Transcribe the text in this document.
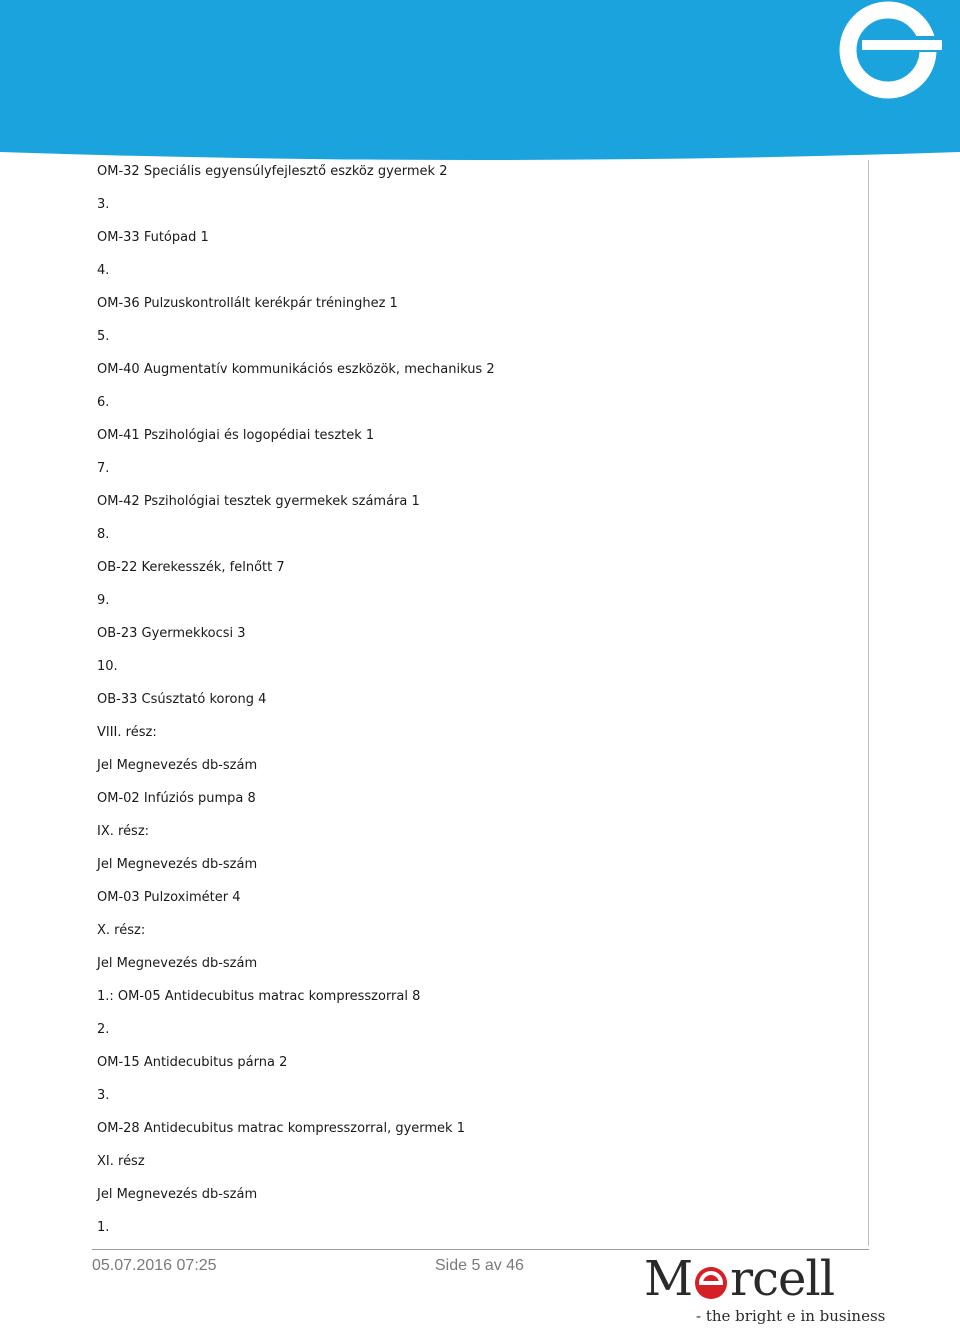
OM-32 Speciális egyensúlyfejlesztő eszköz gyermek 2
3.
OM-33 Futópad 1
4.
OM-36 Pulzuskontrollált kerékpár tréninghez 1
5.
OM-40 Augmentatív kommunikációs eszközök, mechanikus 2
6.
OM-41 Pszihológiai és logopédiai tesztek 1
7.
OM-42 Pszihológiai tesztek gyermekek számára 1
8.
OB-22 Kerekesszék, felnőtt 7
9.
OB-23 Gyermekkocsi 3
10.
OB-33 Csúsztató korong 4
VIII. rész:
Jel Megnevezés db-szám
OM-02 Infúziós pumpa 8
IX. rész:
Jel Megnevezés db-szám
OM-03 Pulzoximéter 4
X. rész:
Jel Megnevezés db-szám
1.: OM-05 Antidecubitus matrac kompresszorral 8
2.
OM-15 Antidecubitus párna 2
3.
OM-28 Antidecubitus matrac kompresszorral, gyermek 1
XI. rész
Jel Megnevezés db-szám
1.
05.07.2016 07:25	Side 5 av 46	M rcell
- the bright e in business
